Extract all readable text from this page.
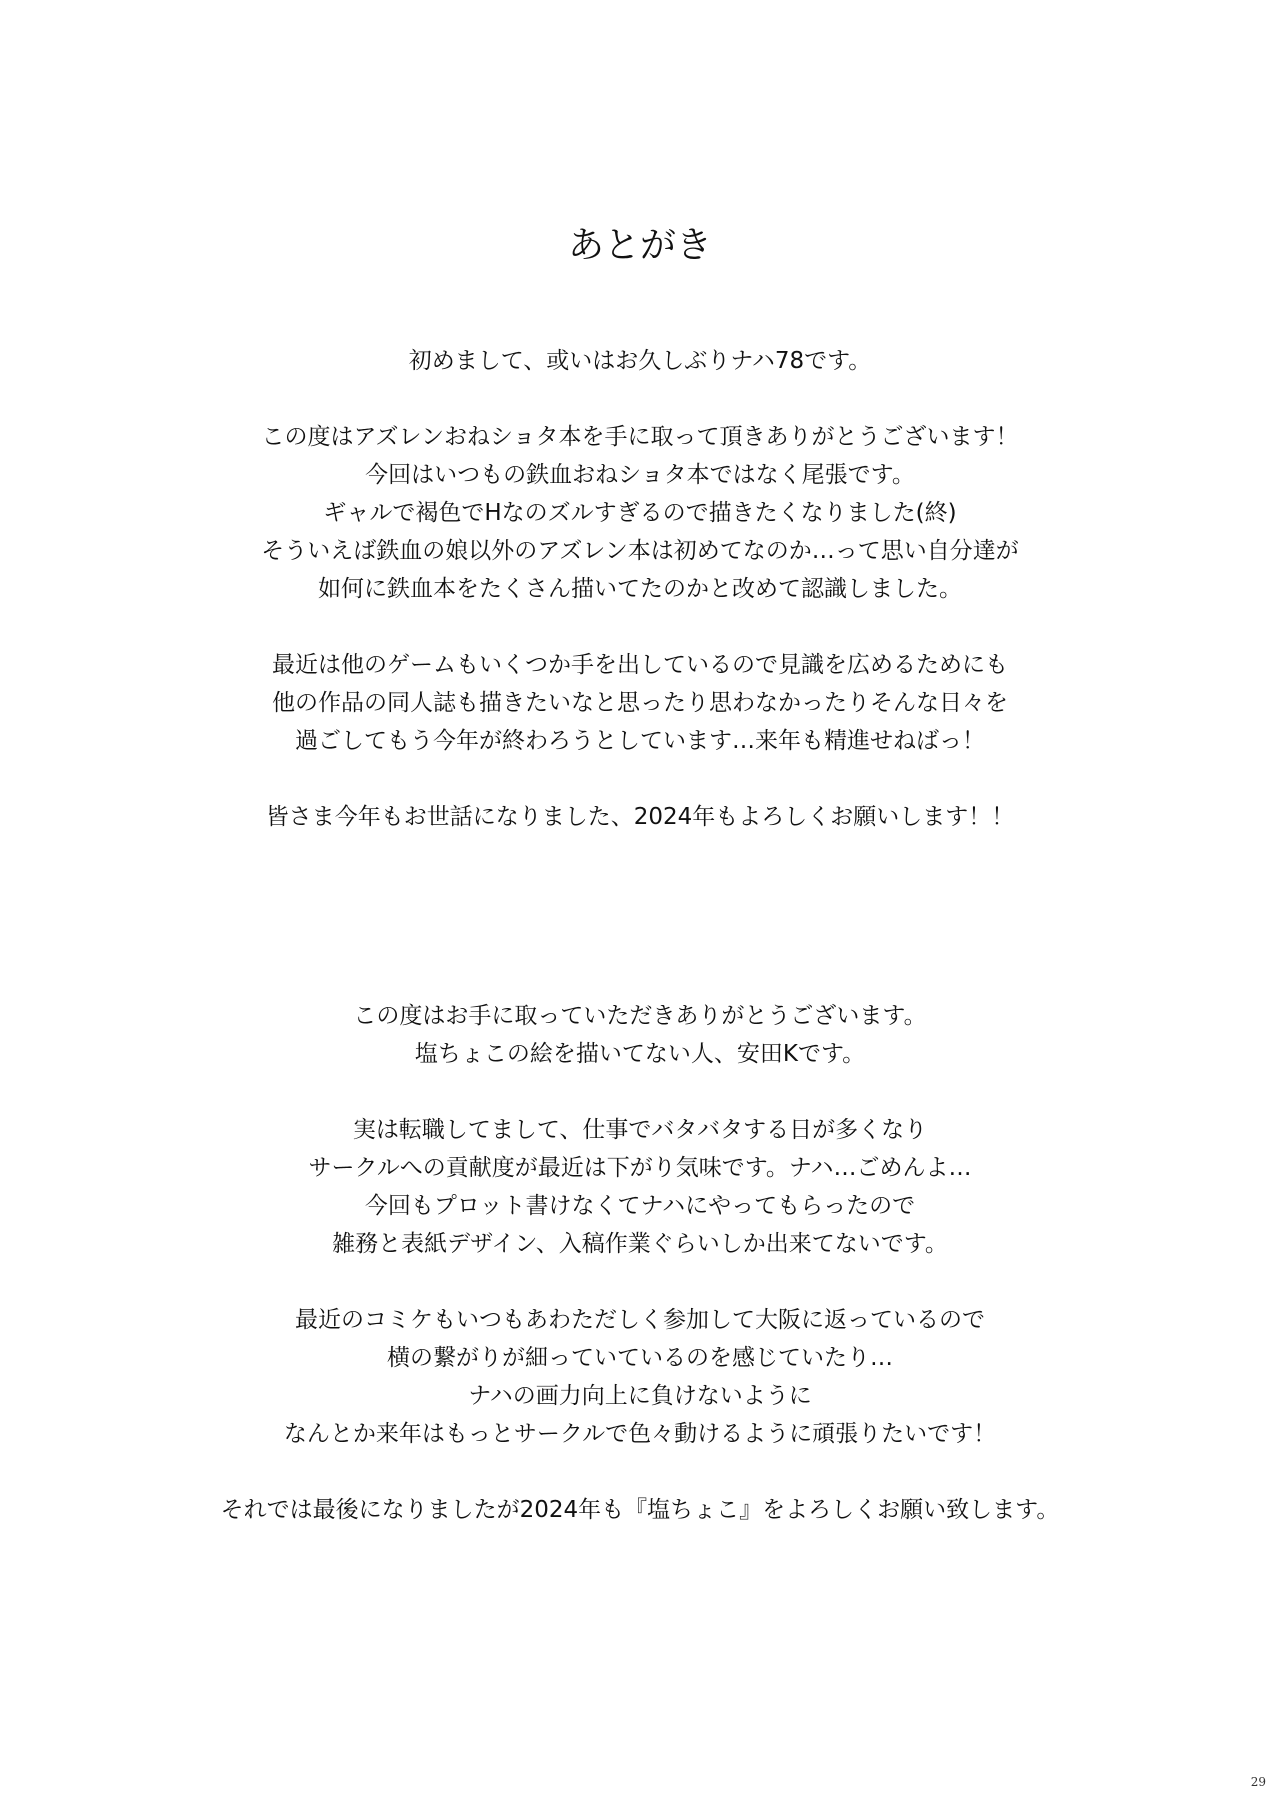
あとがき
初めまして、或いはお久しぶりナハ78です。
この度はアズレンおねショタ本を手に取って頂きありがとうございます！
今回はいつもの鉄血おねショタ本ではなく尾張です。
ギャルで褐色でHなのズルすぎるので描きたくなりました(終)
そういえば鉄血の娘以外のアズレン本は初めてなのか…って思い自分達が
如何に鉄血本をたくさん描いてたのかと改めて認識しました。
最近は他のゲームもいくつか手を出しているので見識を広めるためにも
他の作品の同人誌も描きたいなと思ったり思わなかったりそんな日々を
過ごしてもう今年が終わろうとしています…来年も精進せねばっ！
皆さま今年もお世話になりました、2024年もよろしくお願いします！！
この度はお手に取っていただきありがとうございます。
塩ちょこの絵を描いてない人、安田Kです。
実は転職してまして、仕事でバタバタする日が多くなり
サークルへの貢献度が最近は下がり気味です。ナハ…ごめんよ…
今回もプロット書けなくてナハにやってもらったので
雑務と表紙デザイン、入稿作業ぐらいしか出来てないです。
最近のコミケもいつもあわただしく参加して大阪に返っているので
横の繋がりが細っていているのを感じていたり…
ナハの画力向上に負けないように
なんとか来年はもっとサークルで色々動けるように頑張りたいです！
それでは最後になりましたが2024年も『塩ちょこ』をよろしくお願い致します。
29
